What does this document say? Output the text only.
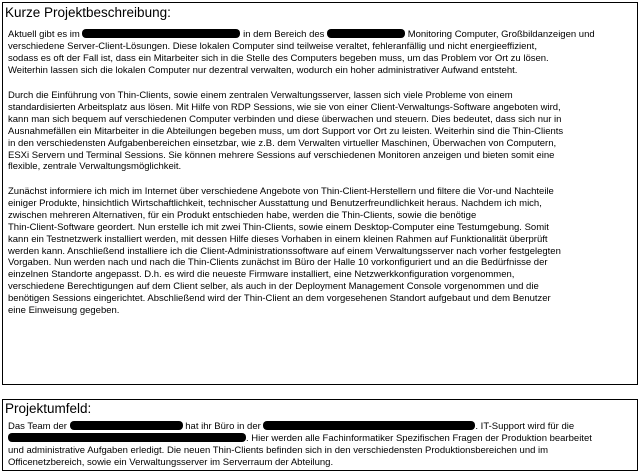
Kurze Projektbeschreibung:
Aktuell gibt es im	in dem Bereich des	Monitoring Computer, Großbildanzeigen und
verschiedene Server-Client-Lösungen. Diese lokalen Computer sind teilweise veraltet, fehleranfällig und nicht energieeffizient,
sodass es oft der Fall ist, dass ein Mitarbeiter sich in die Stelle des Computers begeben muss, um das Problem vor Ort zu lösen.
Weiterhin lassen sich die lokalen Computer nur dezentral verwalten, wodurch ein hoher administrativer Aufwand entsteht.
Durch die Einführung von Thin-Clients, sowie einem zentralen Verwaltungsserver, lassen sich viele Probleme von einem
standardisierten Arbeitsplatz aus lösen. Mit Hilfe von RDP Sessions, wie sie von einer Client-Verwaltungs-Software angeboten wird,
kann man sich bequem auf verschiedenen Computer verbinden und diese überwachen und steuern. Dies bedeutet, dass sich nur in
Ausnahmefällen ein Mitarbeiter in die Abteilungen begeben muss, um dort Support vor Ort zu leisten. Weiterhin sind die Thin-Clients
in den verschiedensten Aufgabenbereichen einsetzbar, wie z.B. dem Verwalten virtueller Maschinen, Überwachen von Computern,
ESXi Servern und Terminal Sessions. Sie können mehrere Sessions auf verschiedenen Monitoren anzeigen und bieten somit eine
flexible, zentrale Verwaltungsmöglichkeit.
Zunächst informiere ich mich im Internet über verschiedene Angebote von Thin-Client-Herstellern und filtere die Vor-und Nachteile
einiger Produkte, hinsichtlich Wirtschaftlichkeit, technischer Ausstattung und Benutzerfreundlichkeit heraus. Nachdem ich mich,
zwischen mehreren Alternativen, für ein Produkt entschieden habe, werden die Thin-Clients, sowie die benötige
Thin-Client-Software geordert. Nun erstelle ich mit zwei Thin-Clients, sowie einem Desktop-Computer eine Testumgebung. Somit
kann ein Testnetzwerk installiert werden, mit dessen Hilfe dieses Vorhaben in einem kleinen Rahmen auf Funktionalität überprüft
werden kann. Anschließend installiere ich die Client-Administrationssoftware auf einem Verwaltungsserver nach vorher festgelegten
Vorgaben. Nun werden nach und nach die Thin-Clients zunächst im Büro der Halle 10 vorkonfiguriert und an die Bedürfnisse der
einzelnen Standorte angepasst. D.h. es wird die neueste Firmware installiert, eine Netzwerkkonfiguration vorgenommen,
verschiedene Berechtigungen auf dem Client selber, als auch in der Deployment Management Console vorgenommen und die
benötigen Sessions eingerichtet. Abschließend wird der Thin-Client an dem vorgesehenen Standort aufgebaut und dem Benutzer
eine Einweisung gegeben.
Projektumfeld:
Das Team der	hat ihr Büro in der	. IT-Support wird für die
. Hier werden alle Fachinformatiker Spezifischen Fragen der Produktion bearbeitet
und administrative Aufgaben erledigt. Die neuen Thin-Clients befinden sich in den verschiedensten Produktionsbereichen und im
Officenetzbereich, sowie ein Verwaltungsserver im Serverraum der Abteilung.
